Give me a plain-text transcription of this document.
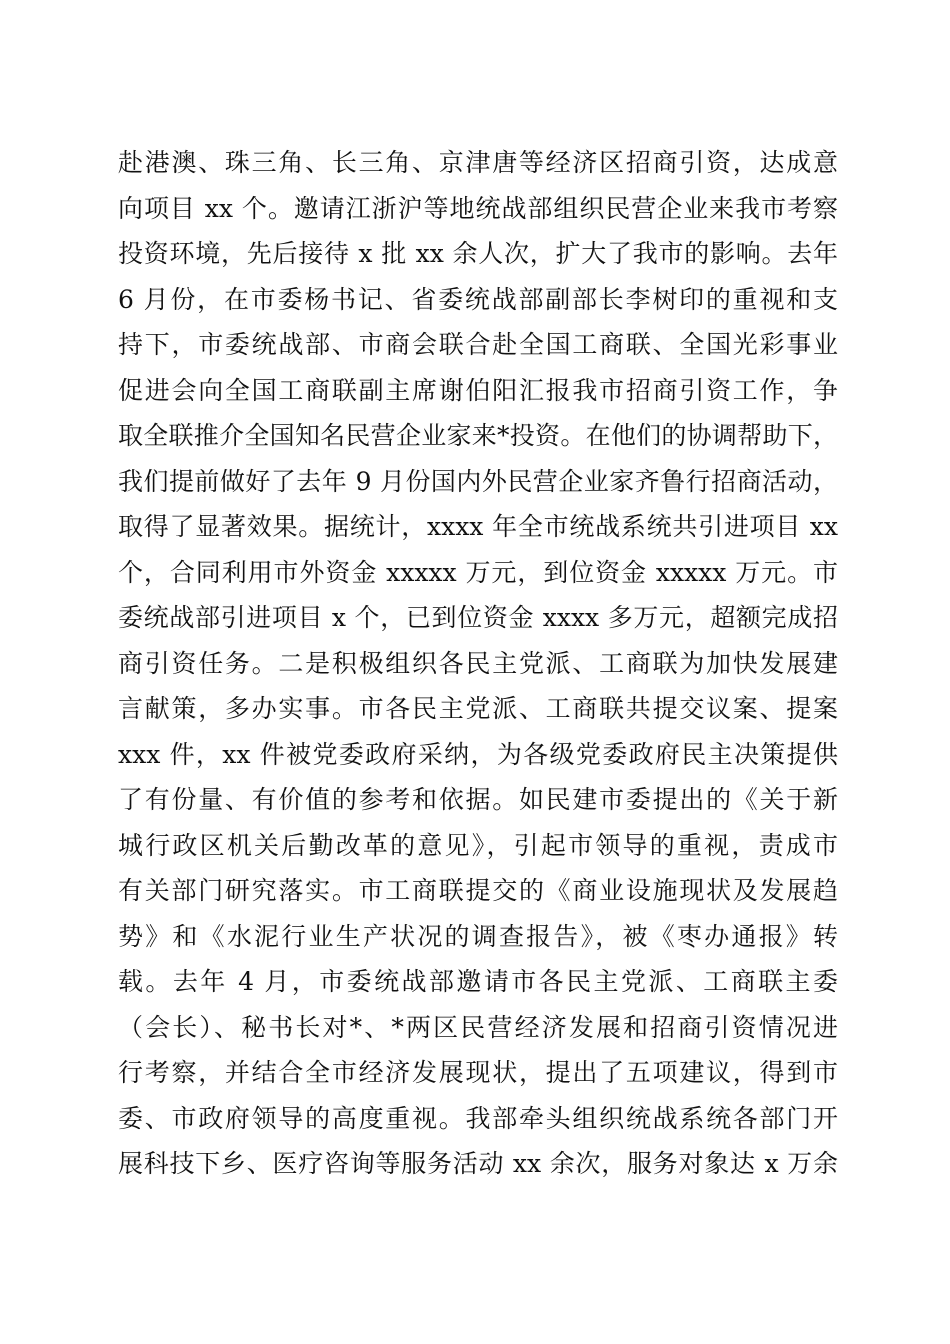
赴港澳、珠三角、长三角、京津唐等经济区招商引资，达成意
向项目 xx 个。邀请江浙沪等地统战部组织民营企业来我市考察
投资环境，先后接待 x 批 xx 余人次，扩大了我市的影响。去年
6 月份，在市委杨书记、省委统战部副部长李树印的重视和支
持下，市委统战部、市商会联合赴全国工商联、全国光彩事业
促进会向全国工商联副主席谢伯阳汇报我市招商引资工作，争
取全联推介全国知名民营企业家来*投资。在他们的协调帮助下，
我们提前做好了去年 9 月份国内外民营企业家齐鲁行招商活动，
取得了显著效果。据统计，xxxx 年全市统战系统共引进项目 xx
个，合同利用市外资金 xxxxx 万元，到位资金 xxxxx 万元。市
委统战部引进项目 x 个，已到位资金 xxxx 多万元，超额完成招
商引资任务。二是积极组织各民主党派、工商联为加快发展建
言献策，多办实事。市各民主党派、工商联共提交议案、提案
xxx 件，xx 件被党委政府采纳，为各级党委政府民主决策提供
了有份量、有价值的参考和依据。如民建市委提出的《关于新
城行政区机关后勤改革的意见》，引起市领导的重视，责成市
有关部门研究落实。市工商联提交的《商业设施现状及发展趋
势》和《水泥行业生产状况的调查报告》，被《枣办通报》转
载。去年 4 月，市委统战部邀请市各民主党派、工商联主委
（会长）、秘书长对*、*两区民营经济发展和招商引资情况进
行考察，并结合全市经济发展现状，提出了五项建议，得到市
委、市政府领导的高度重视。我部牵头组织统战系统各部门开
展科技下乡、医疗咨询等服务活动 xx 余次，服务对象达 x 万余
